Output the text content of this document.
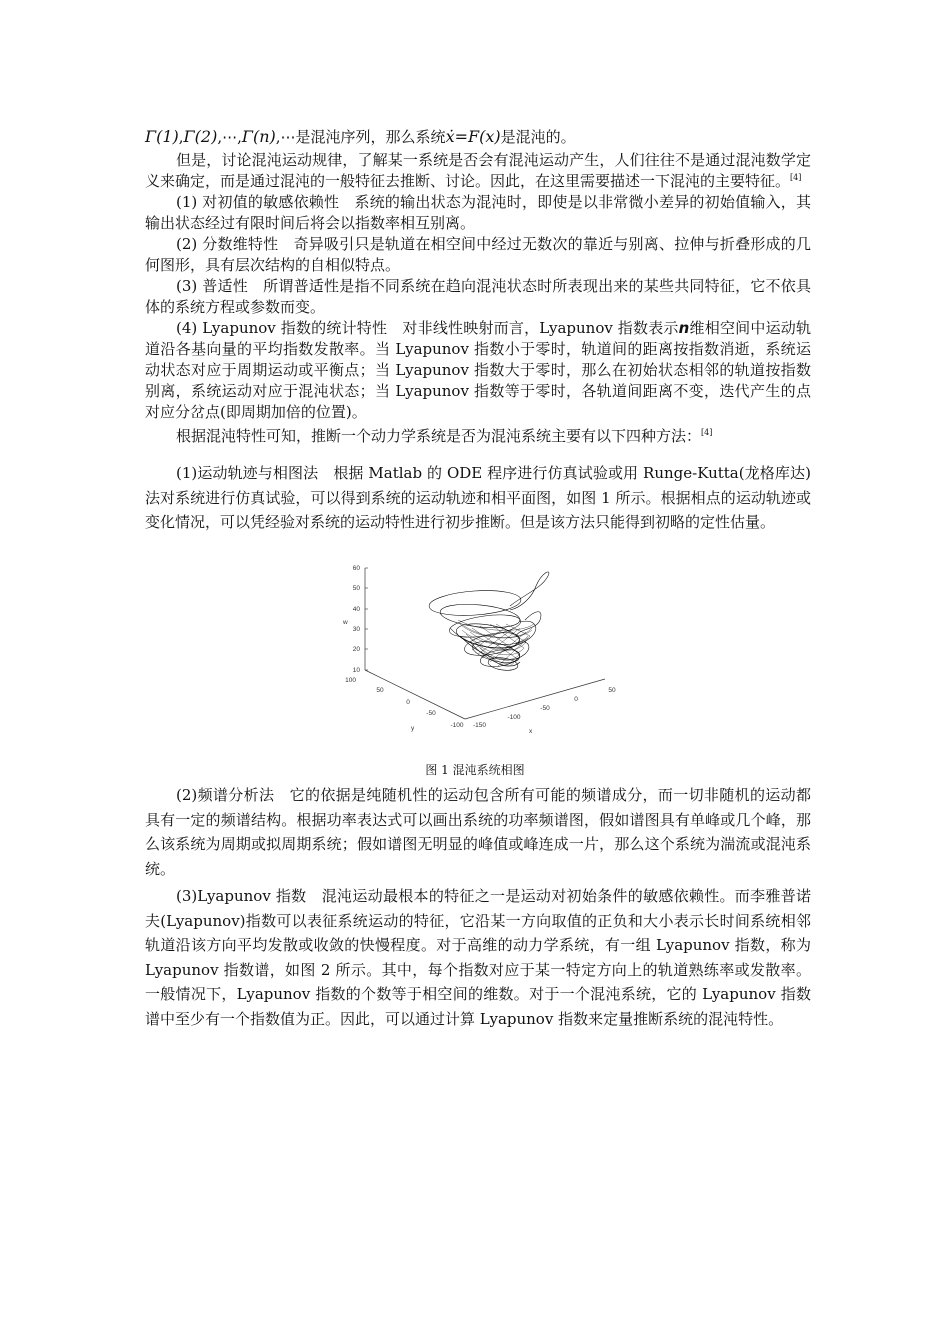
Γ(1),Γ(2),⋯,Γ(n),⋯是混沌序列，那么系统ẋ=F(x)是混沌的。

但是，讨论混沌运动规律，了解某一系统是否会有混沌运动产生，人们往往不是通过混沌数学定义来确定，而是通过混沌的一般特征去推断、讨论。因此，在这里需要描述一下混沌的主要特征。[4]

(1) 对初值的敏感依赖性　系统的输出状态为混沌时，即使是以非常微小差异的初始值输入，其输出状态经过有限时间后将会以指数率相互别离。

(2) 分数维特性　奇异吸引只是轨道在相空间中经过无数次的靠近与别离、拉伸与折叠形成的几何图形，具有层次结构的自相似特点。

(3) 普适性　所谓普适性是指不同系统在趋向混沌状态时所表现出来的某些共同特征，它不依具体的系统方程或参数而变。

(4) Lyapunov 指数的统计特性　对非线性映射而言，Lyapunov 指数表示n维相空间中运动轨道沿各基向量的平均指数发散率。当 Lyapunov 指数小于零时，轨道间的距离按指数消逝，系统运动状态对应于周期运动或平衡点；当 Lyapunov 指数大于零时，那么在初始状态相邻的轨道按指数别离，系统运动对应于混沌状态；当 Lyapunov 指数等于零时，各轨道间距离不变，迭代产生的点对应分岔点(即周期加倍的位置)。

根据混沌特性可知，推断一个动力学系统是否为混沌系统主要有以下四种方法：[4]

(1)运动轨迹与相图法　根据 Matlab 的 ODE 程序进行仿真试验或用 Runge-Kutta(龙格库达)法对系统进行仿真试验，可以得到系统的运动轨迹和相平面图，如图 1 所示。根据相点的运动轨迹或变化情况，可以凭经验对系统的运动特性进行初步推断。但是该方法只能得到初略的定性估量。

60
50
40
30
20
10
w
100
50
0
-50
-100
y	-150
-100
-50
0
50
x
图 1 混沌系统相图

(2)频谱分析法　它的依据是纯随机性的运动包含所有可能的频谱成分，而一切非随机的运动都具有一定的频谱结构。根据功率表达式可以画出系统的功率频谱图，假如谱图具有单峰或几个峰，那么该系统为周期或拟周期系统；假如谱图无明显的峰值或峰连成一片，那么这个系统为湍流或混沌系统。

(3)Lyapunov 指数　混沌运动最根本的特征之一是运动对初始条件的敏感依赖性。而李雅普诺夫(Lyapunov)指数可以表征系统运动的特征，它沿某一方向取值的正负和大小表示长时间系统相邻轨道沿该方向平均发散或收敛的快慢程度。对于高维的动力学系统，有一组 Lyapunov 指数，称为 Lyapunov 指数谱，如图 2 所示。其中，每个指数对应于某一特定方向上的轨道熟练率或发散率。一般情况下，Lyapunov 指数的个数等于相空间的维数。对于一个混沌系统，它的 Lyapunov 指数谱中至少有一个指数值为正。因此，可以通过计算 Lyapunov 指数来定量推断系统的混沌特性。
